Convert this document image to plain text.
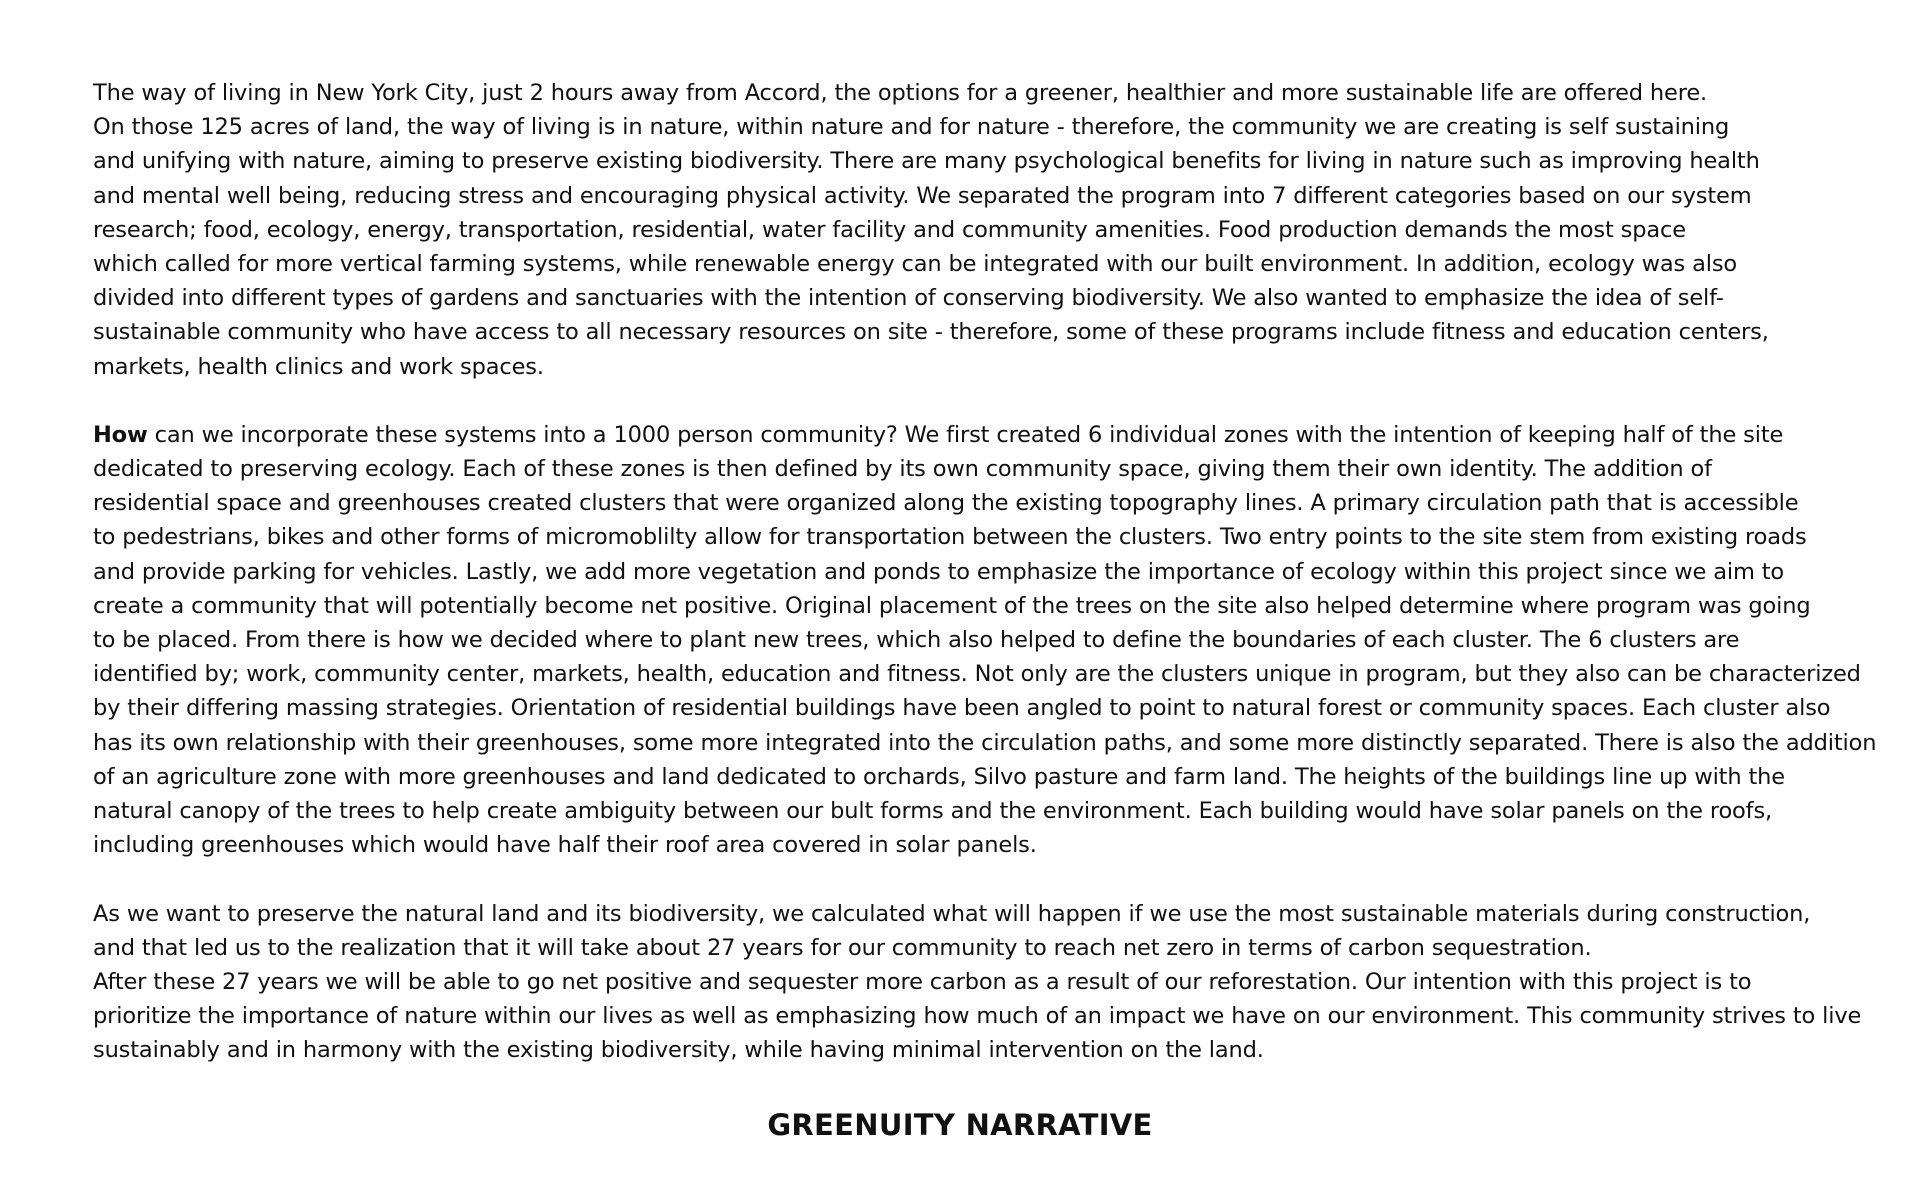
The way of living in New York City, just 2 hours away from Accord, the options for a greener, healthier and more sustainable life are offered here.
On those 125 acres of land, the way of living is in nature, within nature and for nature - therefore, the community we are creating is self sustaining
and unifying with nature, aiming to preserve existing biodiversity. There are many psychological benefits for living in nature such as improving health
and mental well being, reducing stress and encouraging physical activity. We separated the program into 7 different categories based on our system
research; food, ecology, energy, transportation, residential, water facility and community amenities. Food production demands the most space
which called for more vertical farming systems, while renewable energy can be integrated with our built environment. In addition, ecology was also
divided into different types of gardens and sanctuaries with the intention of conserving biodiversity. We also wanted to emphasize the idea of self-
sustainable community who have access to all necessary resources on site - therefore, some of these programs include fitness and education centers,
markets, health clinics and work spaces.
How can we incorporate these systems into a 1000 person community? We first created 6 individual zones with the intention of keeping half of the site
dedicated to preserving ecology. Each of these zones is then defined by its own community space, giving them their own identity. The addition of
residential space and greenhouses created clusters that were organized along the existing topography lines. A primary circulation path that is accessible
to pedestrians, bikes and other forms of micromoblilty allow for transportation between the clusters. Two entry points to the site stem from existing roads
and provide parking for vehicles. Lastly, we add more vegetation and ponds to emphasize the importance of ecology within this project since we aim to
create a community that will potentially become net positive. Original placement of the trees on the site also helped determine where program was going
to be placed. From there is how we decided where to plant new trees, which also helped to define the boundaries of each cluster. The 6 clusters are
identified by; work, community center, markets, health, education and fitness. Not only are the clusters unique in program, but they also can be characterized
by their differing massing strategies. Orientation of residential buildings have been angled to point to natural forest or community spaces. Each cluster also
has its own relationship with their greenhouses, some more integrated into the circulation paths, and some more distinctly separated. There is also the addition
of an agriculture zone with more greenhouses and land dedicated to orchards, Silvo pasture and farm land. The heights of the buildings line up with the
natural canopy of the trees to help create ambiguity between our bult forms and the environment. Each building would have solar panels on the roofs,
including greenhouses which would have half their roof area covered in solar panels.
As we want to preserve the natural land and its biodiversity, we calculated what will happen if we use the most sustainable materials during construction,
and that led us to the realization that it will take about 27 years for our community to reach net zero in terms of carbon sequestration.
After these 27 years we will be able to go net positive and sequester more carbon as a result of our reforestation. Our intention with this project is to
prioritize the importance of nature within our lives as well as emphasizing how much of an impact we have on our environment. This community strives to live
sustainably and in harmony with the existing biodiversity, while having minimal intervention on the land.
GREENUITY NARRATIVE
